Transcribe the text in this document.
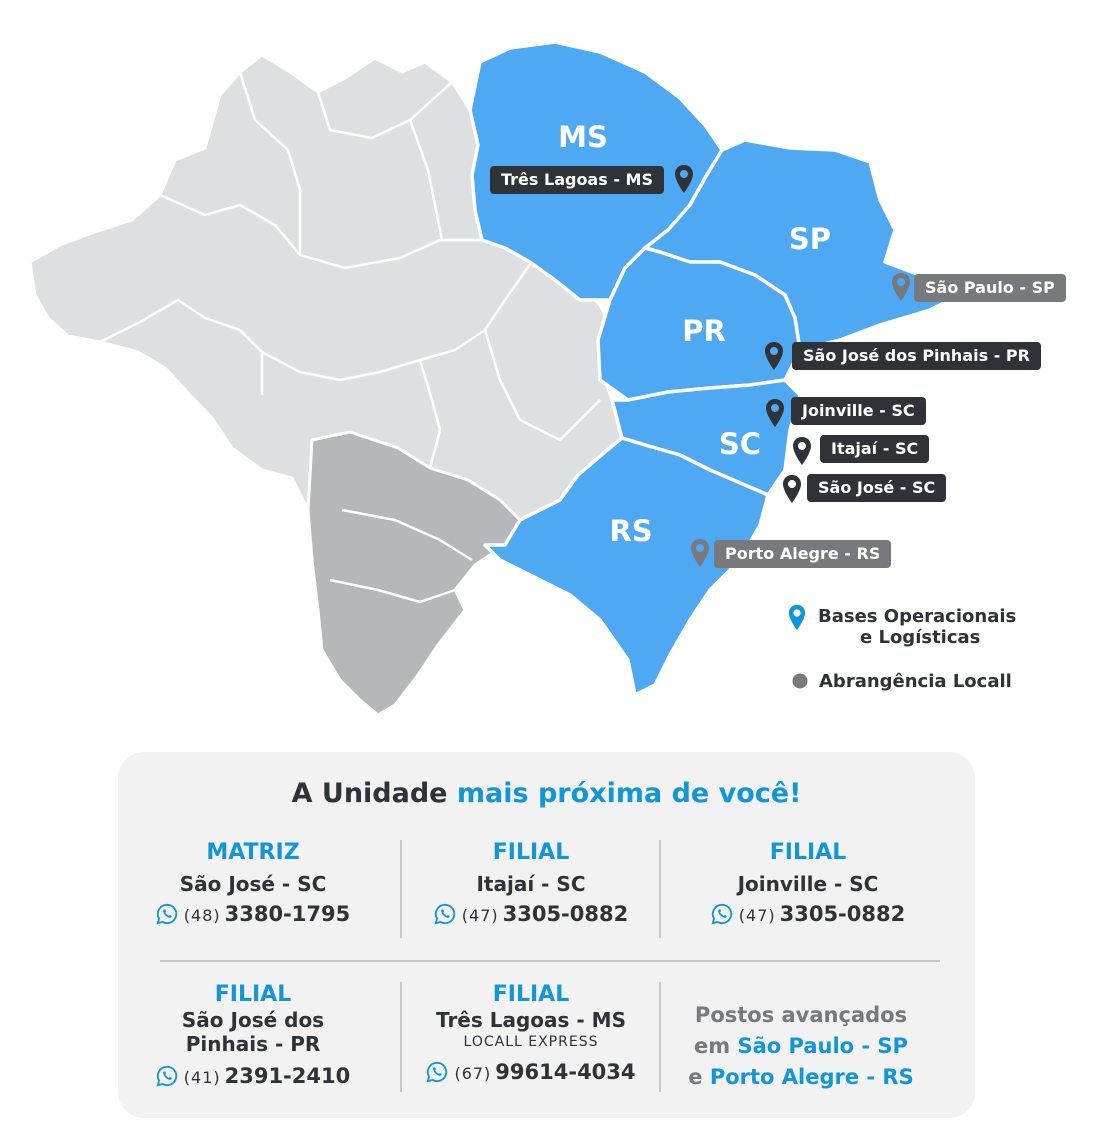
MS
SP
PR
SC
RS
Três Lagoas - MS
São Paulo - SP
São José dos Pinhais - PR
Joinville - SC
Itajaí - SC
São José - SC
Porto Alegre - RS
Bases Operacionais
e Logísticas
Abrangência Locall
A Unidade mais próxima de você!
MATRIZ
São José - SC
(48) 3380-1795
FILIAL
Itajaí - SC
(47) 3305-0882
FILIAL
Joinville - SC
(47) 3305-0882
FILIAL
São José dos
Pinhais - PR
(41) 2391-2410
FILIAL
Três Lagoas - MS
LOCALL EXPRESS
(67) 99614-4034
Postos avançados
em São Paulo - SP
e Porto Alegre - RS
